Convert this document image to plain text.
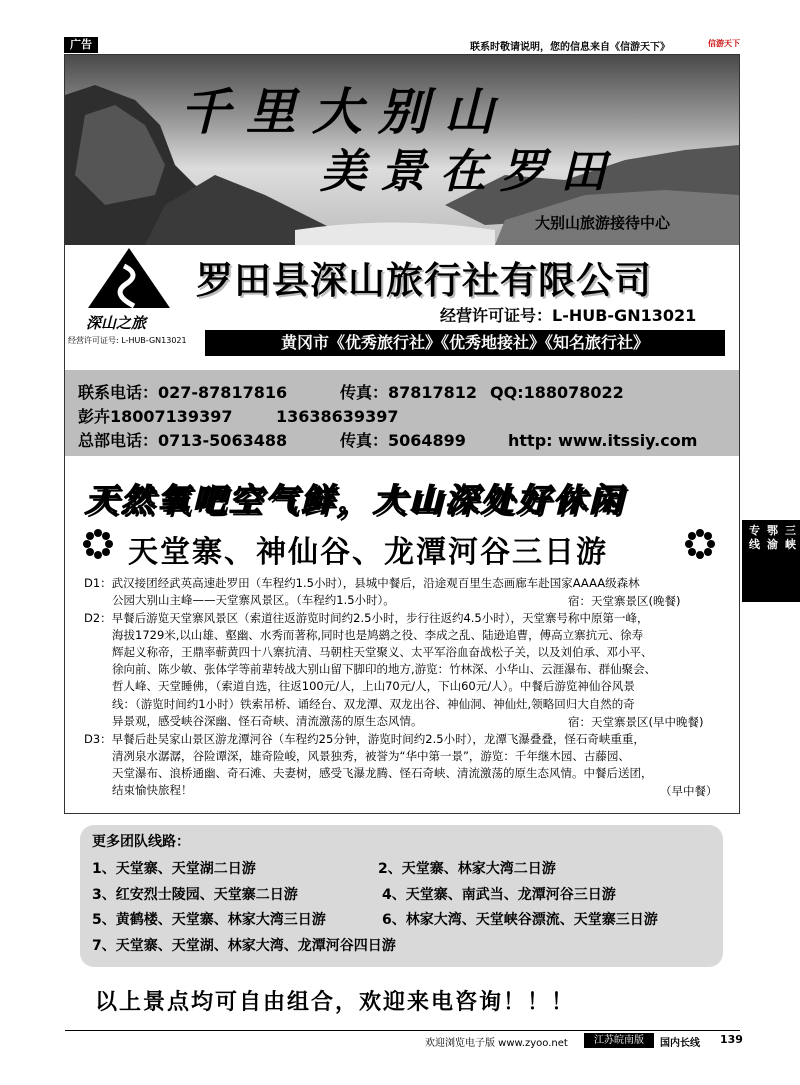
广告	联系时敬请说明，您的信息来自《信游天下》	信游天下
千里大别山
美景在罗田
大别山旅游接待中心
深山之旅
经营许可证号: L-HUB-GN13021
罗田县深山旅行社有限公司
经营许可证号：L-HUB-GN13021
黄冈市《优秀旅行社》《优秀地接社》《知名旅行社》
联系电话：027-87817816	传真：87817812 QQ:188078022
彭卉18007139397	13638639397
总部电话：0713-5063488	传真：5064899	http: www.itssiy.com
天然氧吧空气鲜，大山深处好休闲
天堂寨、神仙谷、龙潭河谷三日游
D1：武汉接团经武英高速赴罗田（车程约1.5小时），县城中餐后，沿途观百里生态画廊车赴国家AAAA级森林
公园大别山主峰——天堂寨风景区。（车程约1.5小时）。	宿：天堂寨景区(晚餐)
D2：早餐后游览天堂寨风景区（索道往返游览时间约2.5小时，步行往返约4.5小时），天堂寨号称中原第一峰，
海拔1729米,以山雄、壑幽、水秀而著称,同时也是鸠鹚之役、李成之乱、陆逊追曹，傅高立寨抗元、徐寿
辉起义称帝，王鼎率蕲黄四十八寨抗清、马朝柱天堂聚义、太平军浴血奋战松子关，以及刘伯承、邓小平、
徐向前、陈少敏、张体学等前辈转战大别山留下脚印的地方,游览：竹林深、小华山、云涯瀑布、群仙聚会、
哲人峰、天堂睡佛，（索道自选，往返100元/人，上山70元/人，下山60元/人）。中餐后游览神仙谷风景
线：（游览时间约1小时）铁索吊桥、诵经台、双龙潭、双龙出谷、神仙洞、神仙灶,领略回归大自然的奇
异景观，感受峡谷深幽、怪石奇峡、清流激荡的原生态风情。	宿：天堂寨景区(早中晚餐)
D3：早餐后赴吴家山景区游龙潭河谷（车程约25分钟，游览时间约2.5小时），龙潭飞瀑叠叠，怪石奇峡重重，
清冽泉水潺潺，谷险谭深，雄奇险峻，风景独秀，被誉为“华中第一景”，游览：千年继木园、古藤园、
天堂瀑布、浪桥通幽、奇石滩、夫妻树，感受飞瀑龙腾、怪石奇峡、清流激荡的原生态风情。中餐后送团，
结束愉快旅程！	（早中餐）
更多团队线路：
1、天堂寨、天堂湖二日游	2、天堂寨、林家大湾二日游
3、红安烈士陵园、天堂寨二日游	4、天堂寨、南武当、龙潭河谷三日游
5、黄鹤楼、天堂寨、林家大湾三日游	6、林家大湾、天堂峡谷漂流、天堂寨三日游
7、天堂寨、天堂湖、林家大湾、龙潭河谷四日游
以上景点均可自由组合，欢迎来电咨询！！！
欢迎浏览电子版 www.zyoo.net	江苏皖南版	国内长线 139
三峡
鄂渝
专线
